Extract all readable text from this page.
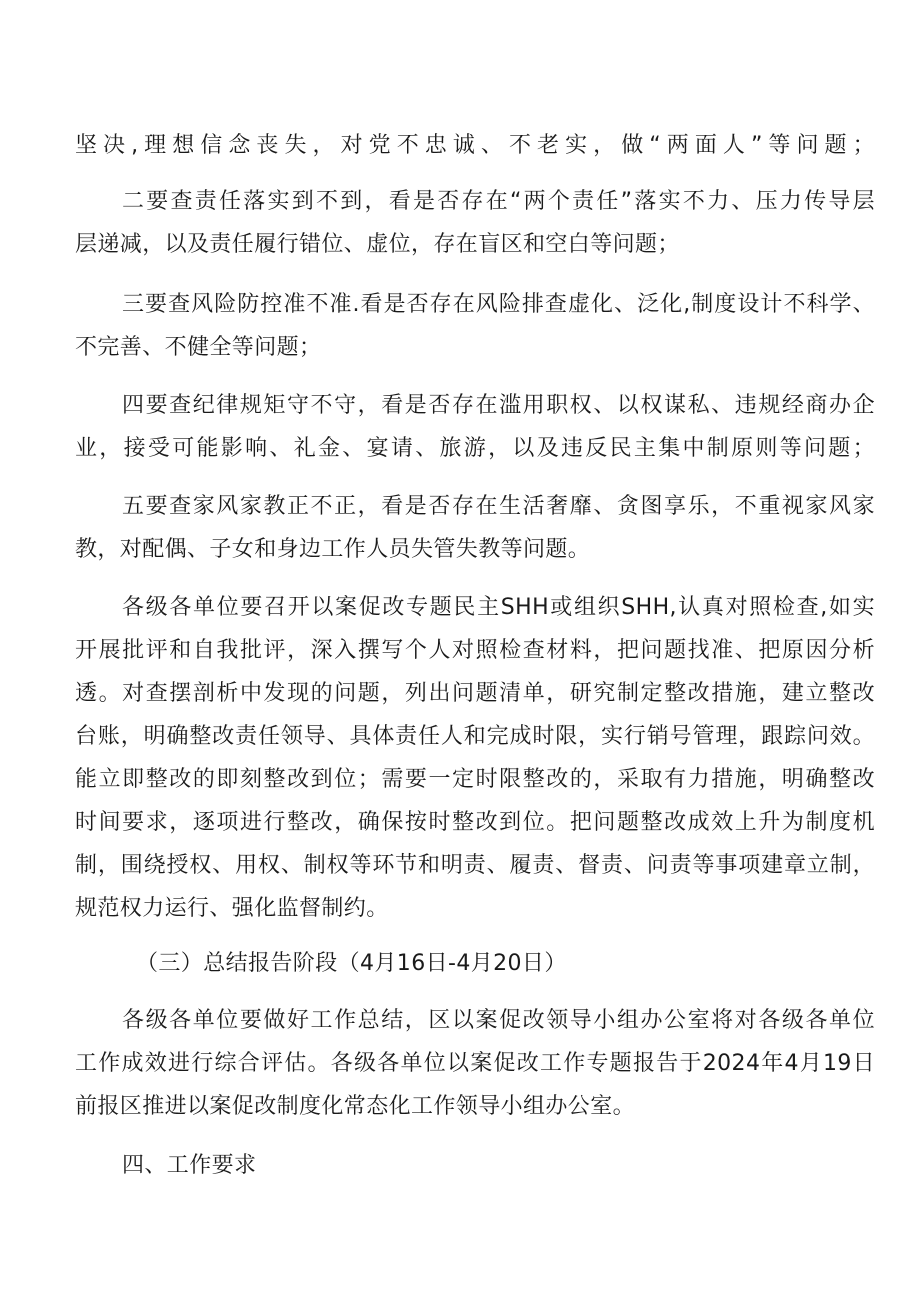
坚决,理想信念丧失，对党不忠诚、不老实，做“两面人”等问题；
二要查责任落实到不到，看是否存在“两个责任”落实不力、压力传导层
层递减，以及责任履行错位、虚位，存在盲区和空白等问题；
三要查风险防控准不准.看是否存在风险排查虚化、泛化,制度设计不科学、
不完善、不健全等问题；
四要查纪律规矩守不守，看是否存在滥用职权、以权谋私、违规经商办企
业，接受可能影响、礼金、宴请、旅游，以及违反民主集中制原则等问题；
五要查家风家教正不正，看是否存在生活奢靡、贪图享乐，不重视家风家
教，对配偶、子女和身边工作人员失管失教等问题。
各级各单位要召开以案促改专题民主SHH或组织SHH,认真对照检查,如实
开展批评和自我批评，深入撰写个人对照检查材料，把问题找准、把原因分析
透。对查摆剖析中发现的问题，列出问题清单，研究制定整改措施，建立整改
台账，明确整改责任领导、具体责任人和完成时限，实行销号管理，跟踪问效。
能立即整改的即刻整改到位；需要一定时限整改的，采取有力措施，明确整改
时间要求，逐项进行整改，确保按时整改到位。把问题整改成效上升为制度机
制，围绕授权、用权、制权等环节和明责、履责、督责、问责等事项建章立制，
规范权力运行、强化监督制约。
（三）总结报告阶段（4月16日-4月20日）
各级各单位要做好工作总结，区以案促改领导小组办公室将对各级各单位
工作成效进行综合评估。各级各单位以案促改工作专题报告于2024年4月19日
前报区推进以案促改制度化常态化工作领导小组办公室。
四、工作要求
